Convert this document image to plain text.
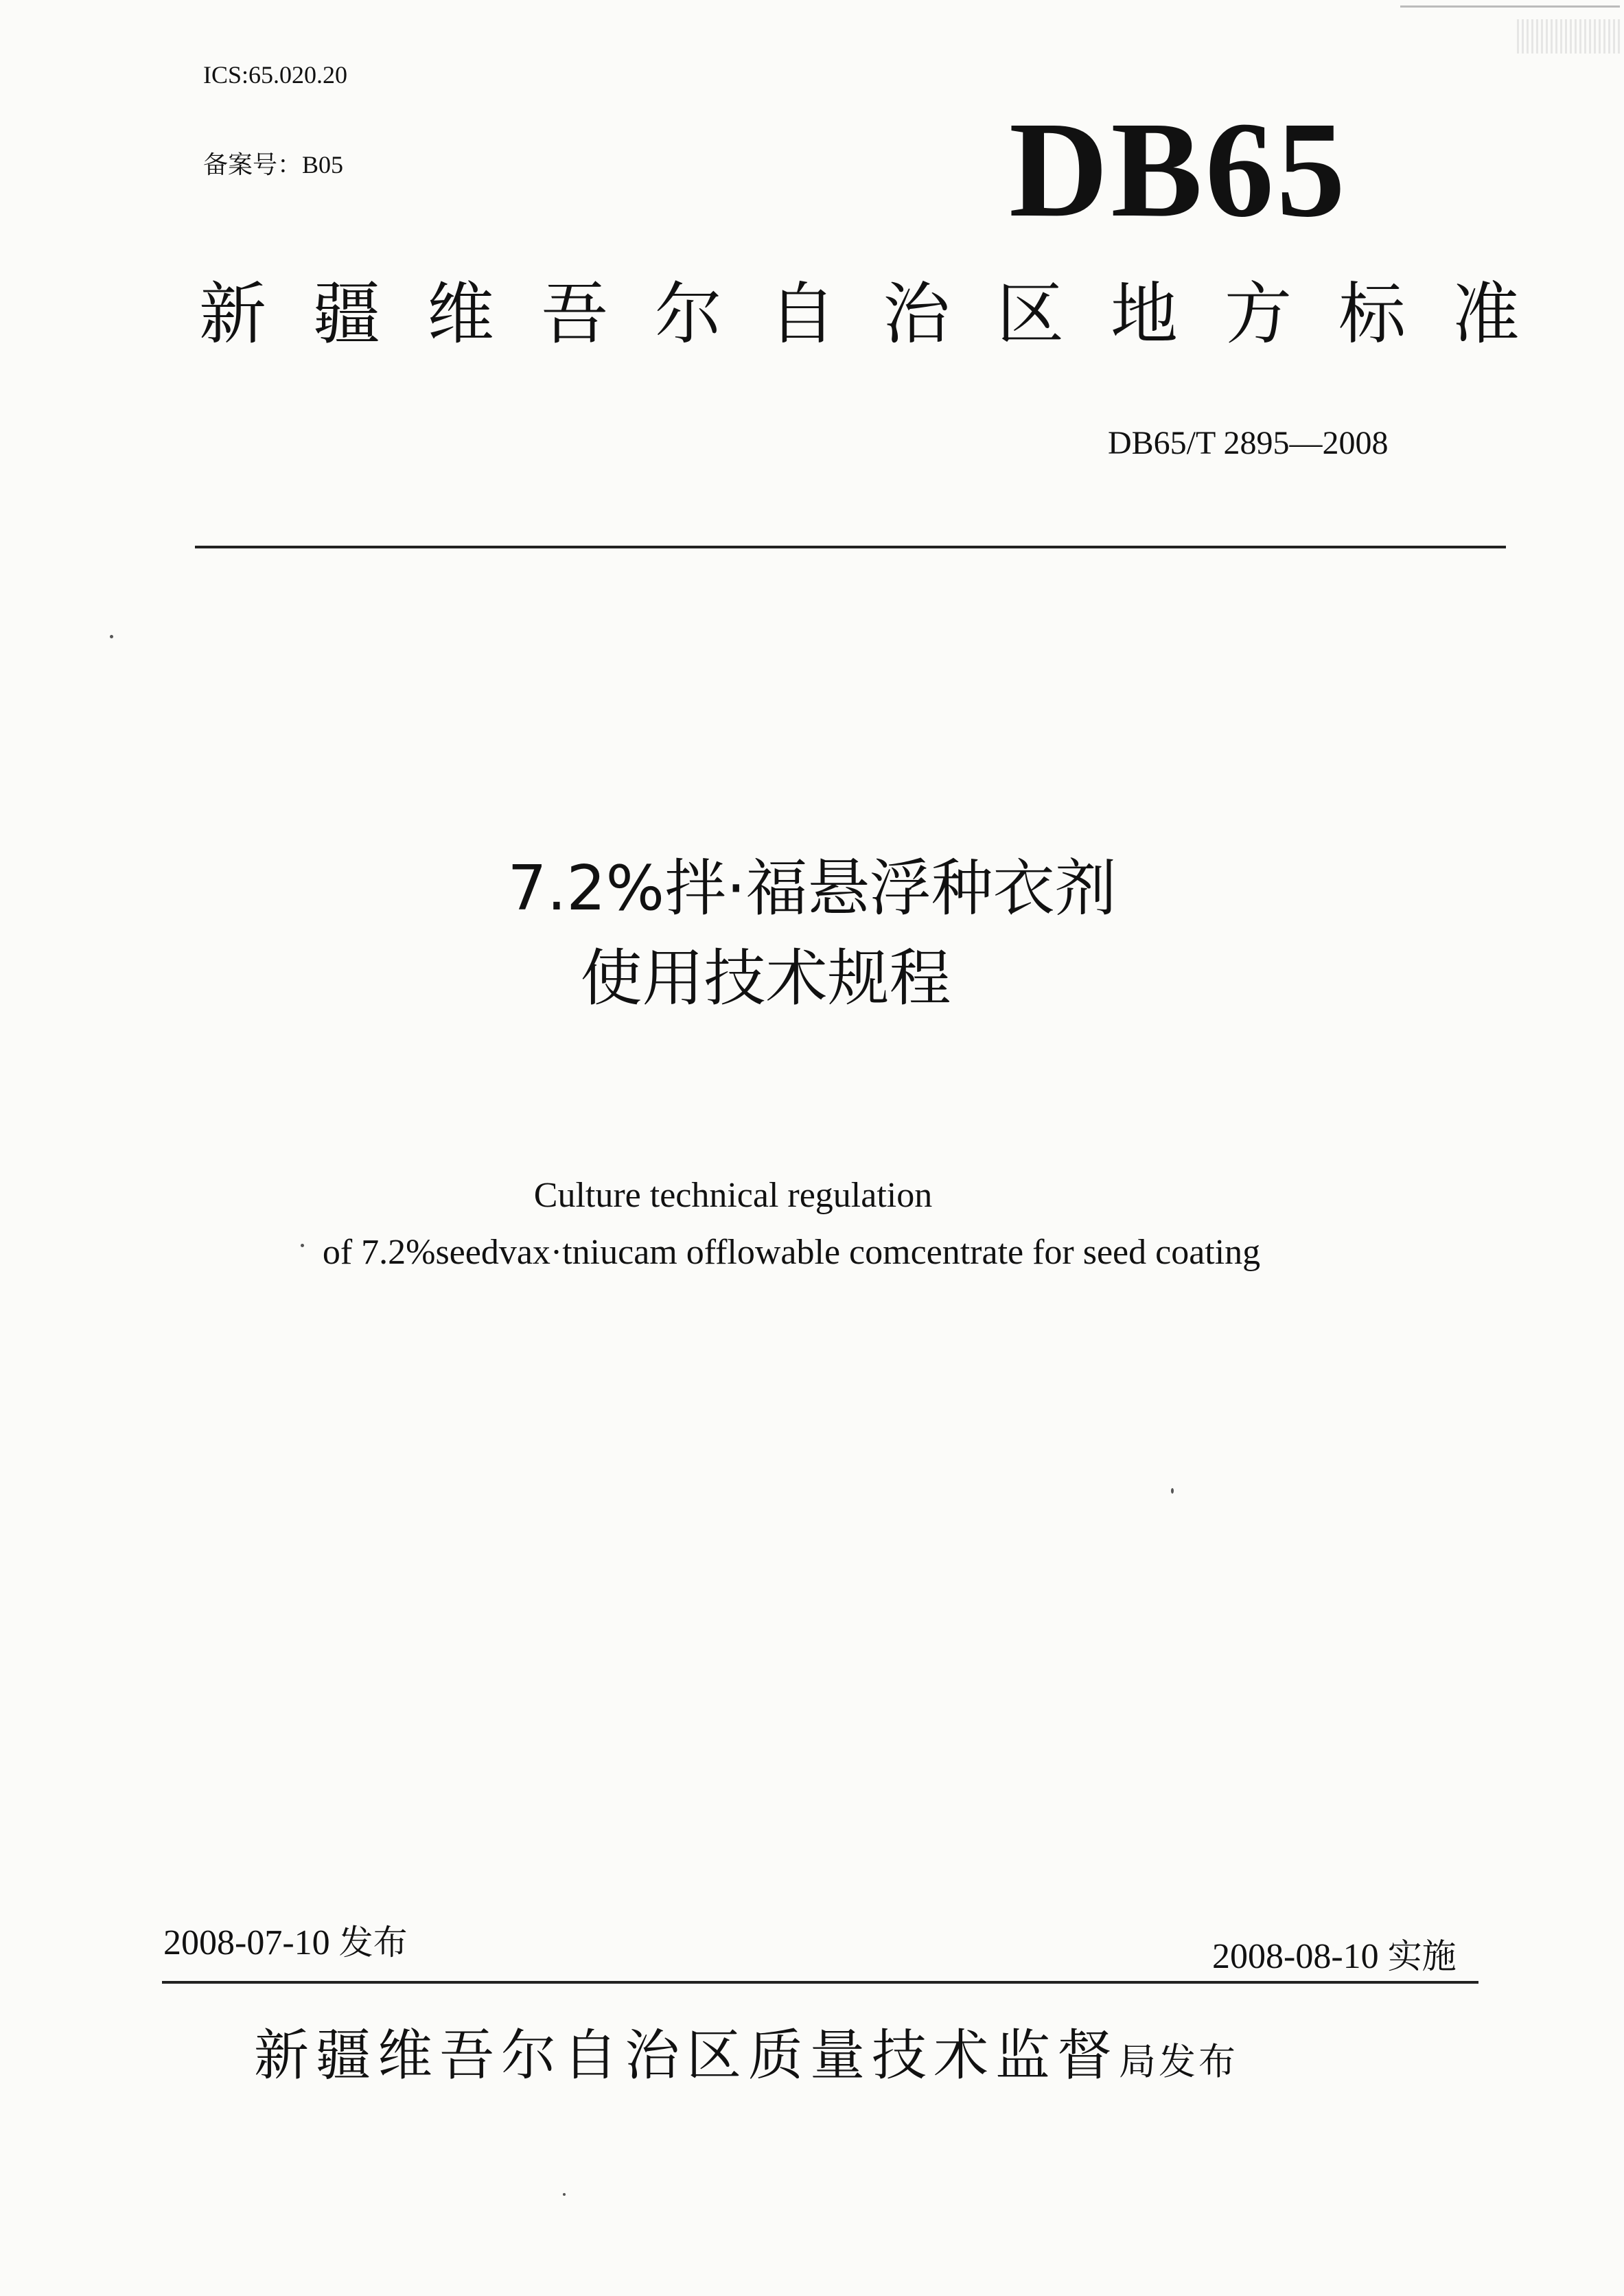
ICS:65.020.20
备案号：B05	DB65
新疆维吾尔自治区地方标准
DB65/T 2895—2008
7.2%拌·福悬浮种衣剂
使用技术规程
Culture technical regulation
of 7.2%seedvax·tniucam offlowable comcentrate for seed coating
2008-07-10 发布	2008-08-10 实施
新疆维吾尔自治区质量技术监督局发布
